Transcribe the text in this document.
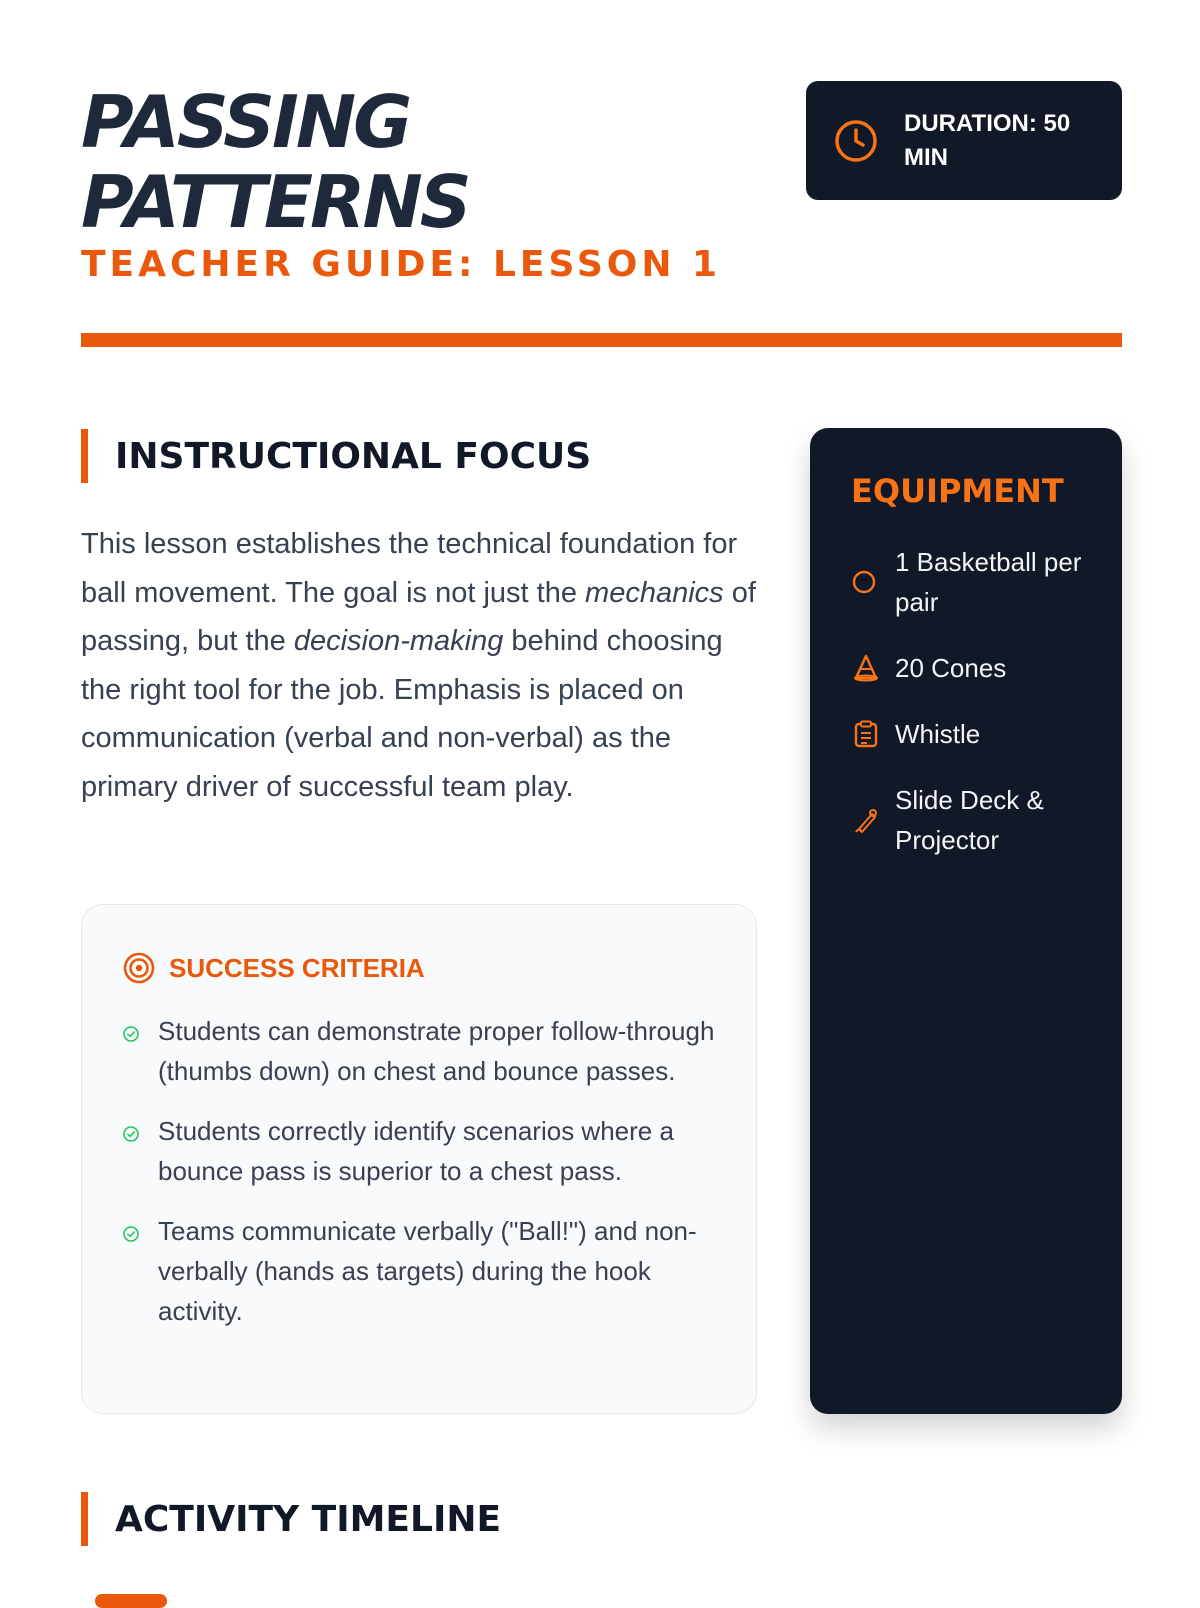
PASSING
PATTERNS
TEACHER GUIDE: LESSON 1
DURATION: 50 MIN
INSTRUCTIONAL FOCUS

This lesson establishes the technical foundation for ball movement. The goal is not just the mechanics of passing, but the decision-making behind choosing the right tool for the job. Emphasis is placed on communication (verbal and non-verbal) as the primary driver of successful team play.

SUCCESS CRITERIA
Students can demonstrate proper follow-through (thumbs down) on chest and bounce passes.
Students correctly identify scenarios where a bounce pass is superior to a chest pass.
Teams communicate verbally ("Ball!") and non-verbally (hands as targets) during the hook activity.
EQUIPMENT
1 Basketball per pair
20 Cones
Whistle
Slide Deck & Projector
ACTIVITY TIMELINE
